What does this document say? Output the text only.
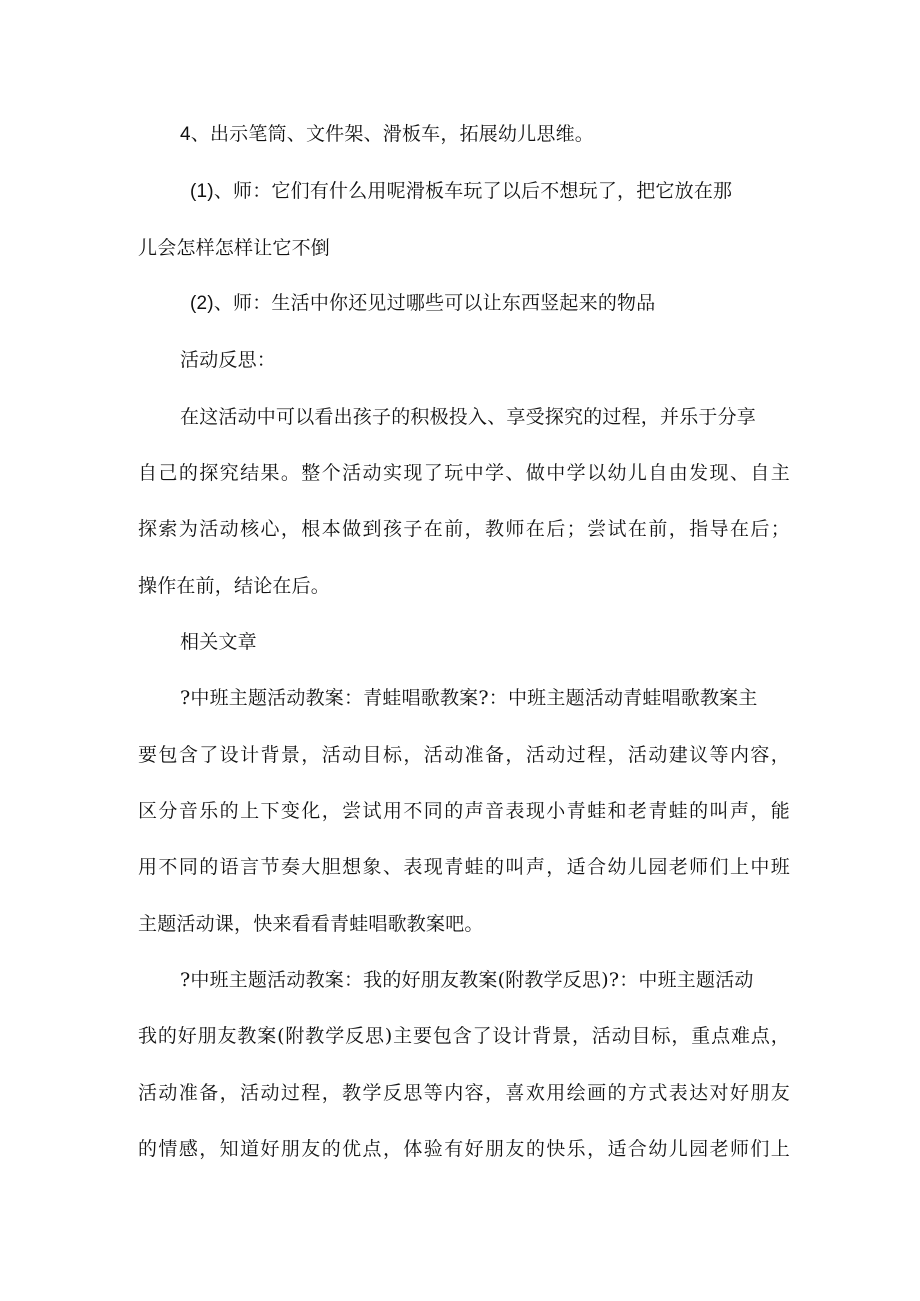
4、出示笔筒、文件架、滑板车，拓展幼儿思维。
(1)、师：它们有什么用呢滑板车玩了以后不想玩了，把它放在那
儿会怎样怎样让它不倒
(2)、师：生活中你还见过哪些可以让东西竖起来的物品
活动反思：
在这活动中可以看出孩子的积极投入、享受探究的过程，并乐于分享
自己的探究结果。整个活动实现了玩中学、做中学以幼儿自由发现、自主
探索为活动核心，根本做到孩子在前，教师在后；尝试在前，指导在后；
操作在前，结论在后。
相关文章
?中班主题活动教案：青蛙唱歌教案?：中班主题活动青蛙唱歌教案主
要包含了设计背景，活动目标，活动准备，活动过程，活动建议等内容，
区分音乐的上下变化，尝试用不同的声音表现小青蛙和老青蛙的叫声，能
用不同的语言节奏大胆想象、表现青蛙的叫声，适合幼儿园老师们上中班
主题活动课，快来看看青蛙唱歌教案吧。
?中班主题活动教案：我的好朋友教案(附教学反思)?：中班主题活动
我的好朋友教案(附教学反思)主要包含了设计背景，活动目标，重点难点，
活动准备，活动过程，教学反思等内容，喜欢用绘画的方式表达对好朋友
的情感，知道好朋友的优点，体验有好朋友的快乐，适合幼儿园老师们上
